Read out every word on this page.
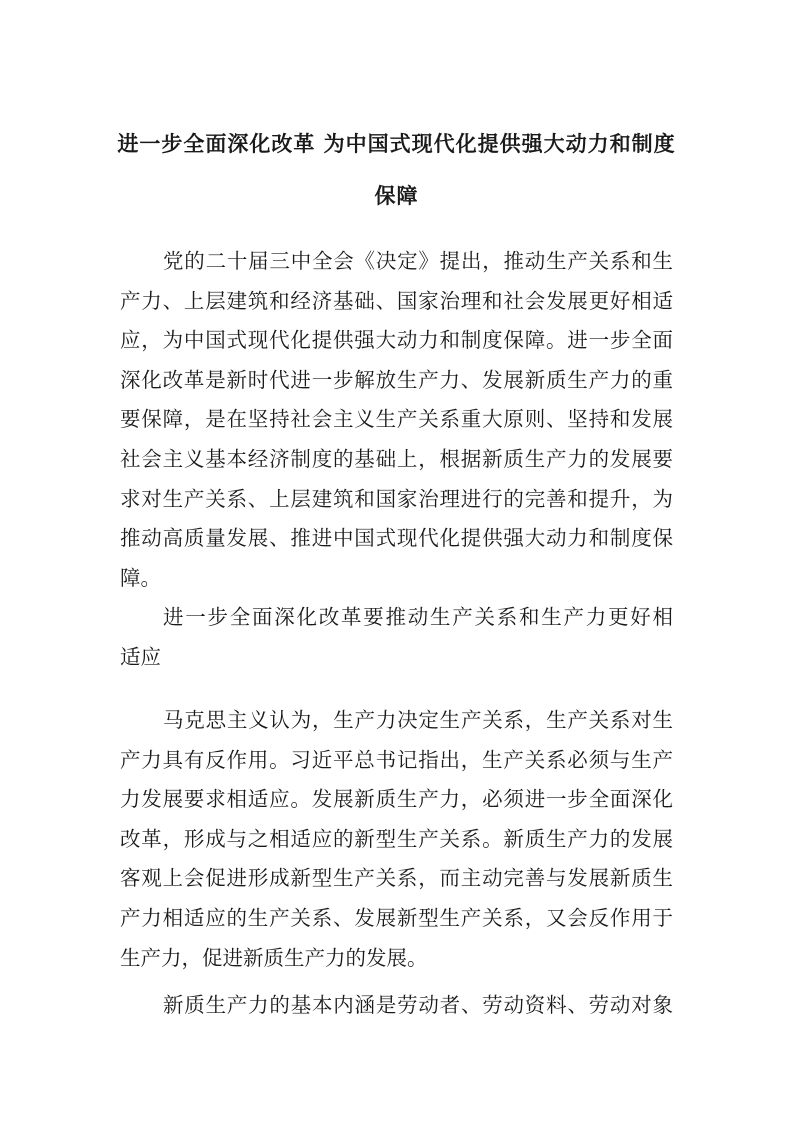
进一步全面深化改革 为中国式现代化提供强大动力和制度
保障
党的二十届三中全会《决定》提出，推动生产关系和生
产力、上层建筑和经济基础、国家治理和社会发展更好相适
应，为中国式现代化提供强大动力和制度保障。进一步全面
深化改革是新时代进一步解放生产力、发展新质生产力的重
要保障，是在坚持社会主义生产关系重大原则、坚持和发展
社会主义基本经济制度的基础上，根据新质生产力的发展要
求对生产关系、上层建筑和国家治理进行的完善和提升，为
推动高质量发展、推进中国式现代化提供强大动力和制度保
障。
进一步全面深化改革要推动生产关系和生产力更好相
适应
马克思主义认为，生产力决定生产关系，生产关系对生
产力具有反作用。习近平总书记指出，生产关系必须与生产
力发展要求相适应。发展新质生产力，必须进一步全面深化
改革，形成与之相适应的新型生产关系。新质生产力的发展
客观上会促进形成新型生产关系，而主动完善与发展新质生
产力相适应的生产关系、发展新型生产关系，又会反作用于
生产力，促进新质生产力的发展。
新质生产力的基本内涵是劳动者、劳动资料、劳动对象
